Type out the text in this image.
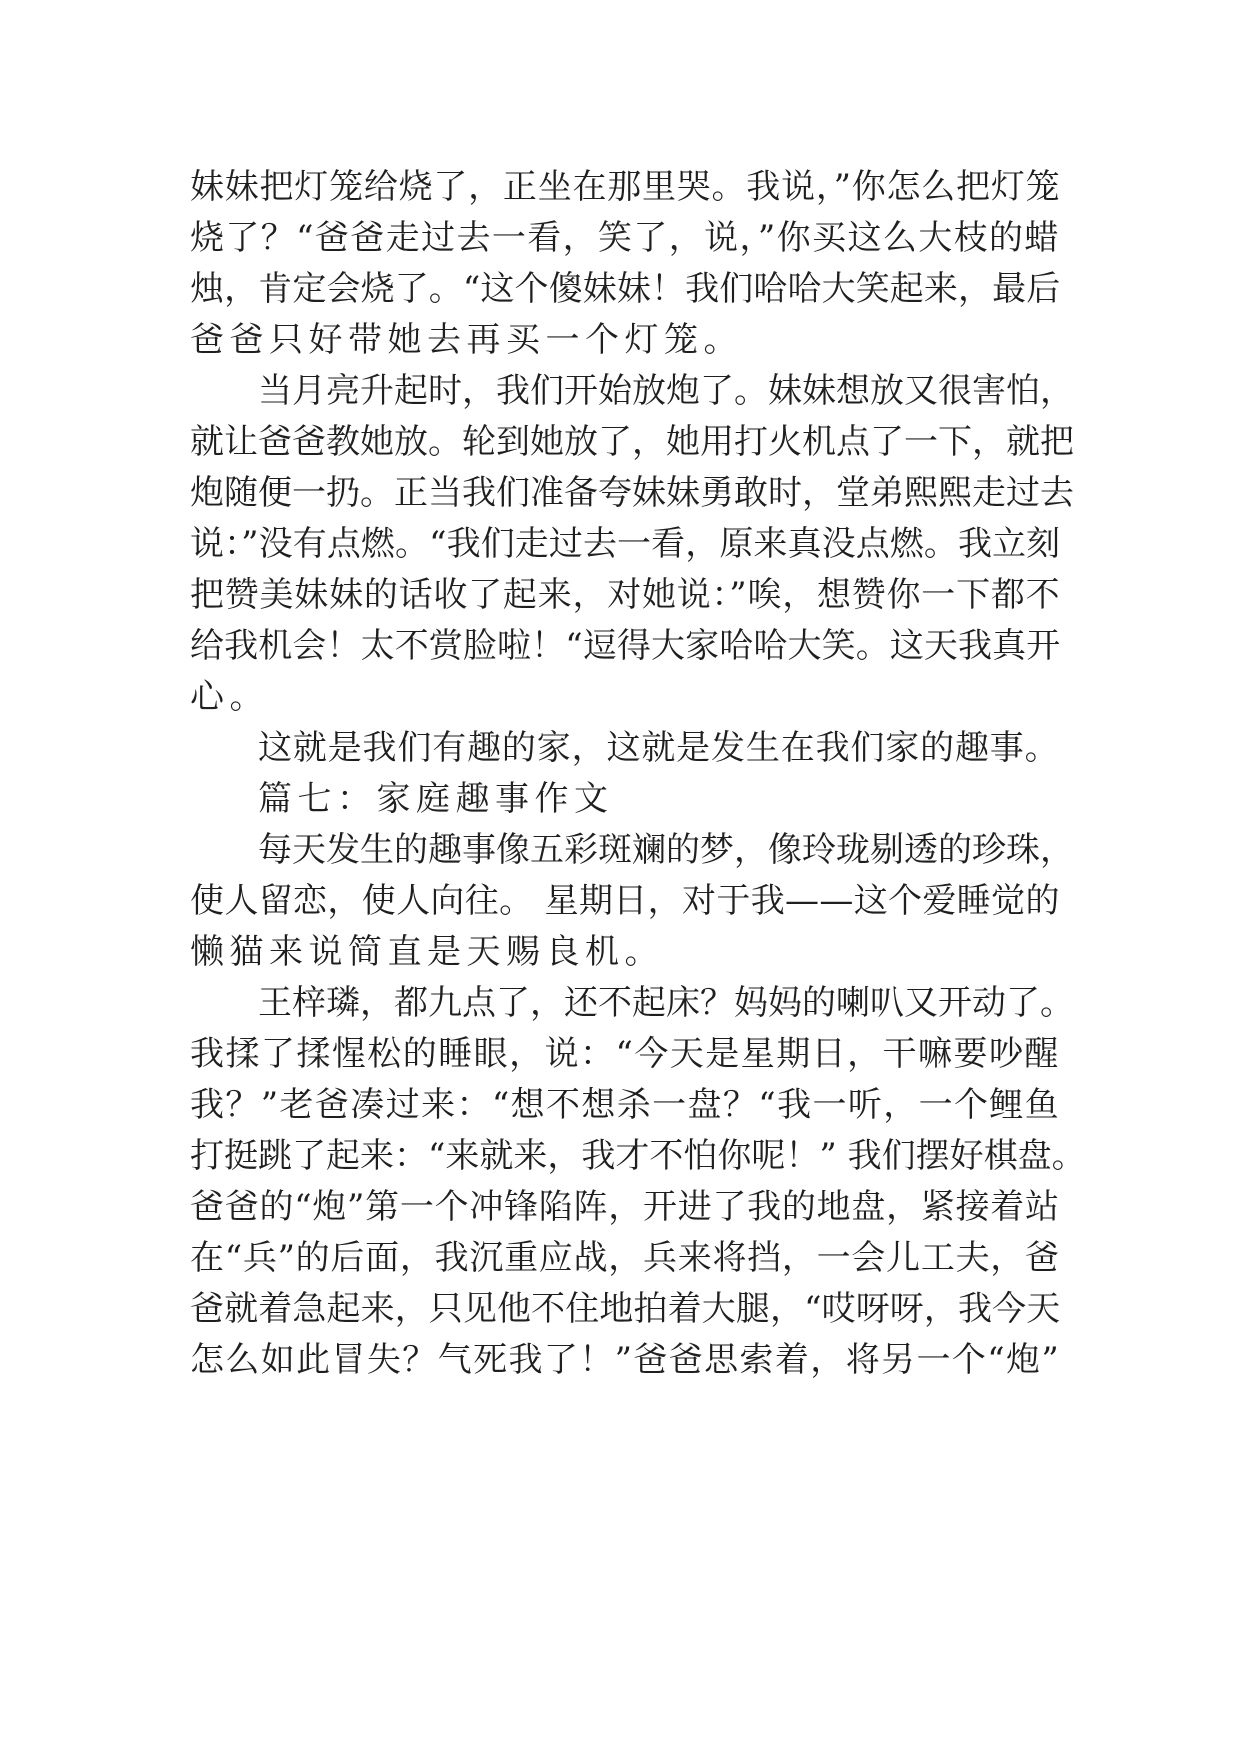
妹妹把灯笼给烧了，正坐在那里哭。我说，”你怎么把灯笼
烧了？“爸爸走过去一看，笑了，说，”你买这么大枝的蜡
烛，肯定会烧了。“这个傻妹妹！我们哈哈大笑起来，最后
爸爸只好带她去再买一个灯笼。
当月亮升起时，我们开始放炮了。妹妹想放又很害怕，
就让爸爸教她放。轮到她放了，她用打火机点了一下，就把
炮随便一扔。正当我们准备夸妹妹勇敢时，堂弟熙熙走过去
说：”没有点燃。“我们走过去一看，原来真没点燃。我立刻
把赞美妹妹的话收了起来，对她说：”唉，想赞你一下都不
给我机会！太不赏脸啦！“逗得大家哈哈大笑。这天我真开
心。
这就是我们有趣的家，这就是发生在我们家的趣事。
篇七：家庭趣事作文
每天发生的趣事像五彩斑斓的梦，像玲珑剔透的珍珠，
使人留恋，使人向往。 星期日，对于我——这个爱睡觉的
懒猫来说简直是天赐良机。
王梓璘，都九点了，还不起床？妈妈的喇叭又开动了。
我揉了揉惺松的睡眼，说：“今天是星期日，干嘛要吵醒
我？”老爸凑过来：“想不想杀一盘？“我一听，一个鲤鱼
打挺跳了起来：“来就来，我才不怕你呢！” 我们摆好棋盘。
爸爸的“炮”第一个冲锋陷阵，开进了我的地盘，紧接着站
在“兵”的后面，我沉重应战，兵来将挡，一会儿工夫，爸
爸就着急起来，只见他不住地拍着大腿，“哎呀呀，我今天
怎么如此冒失？气死我了！”爸爸思索着，将另一个“炮”
